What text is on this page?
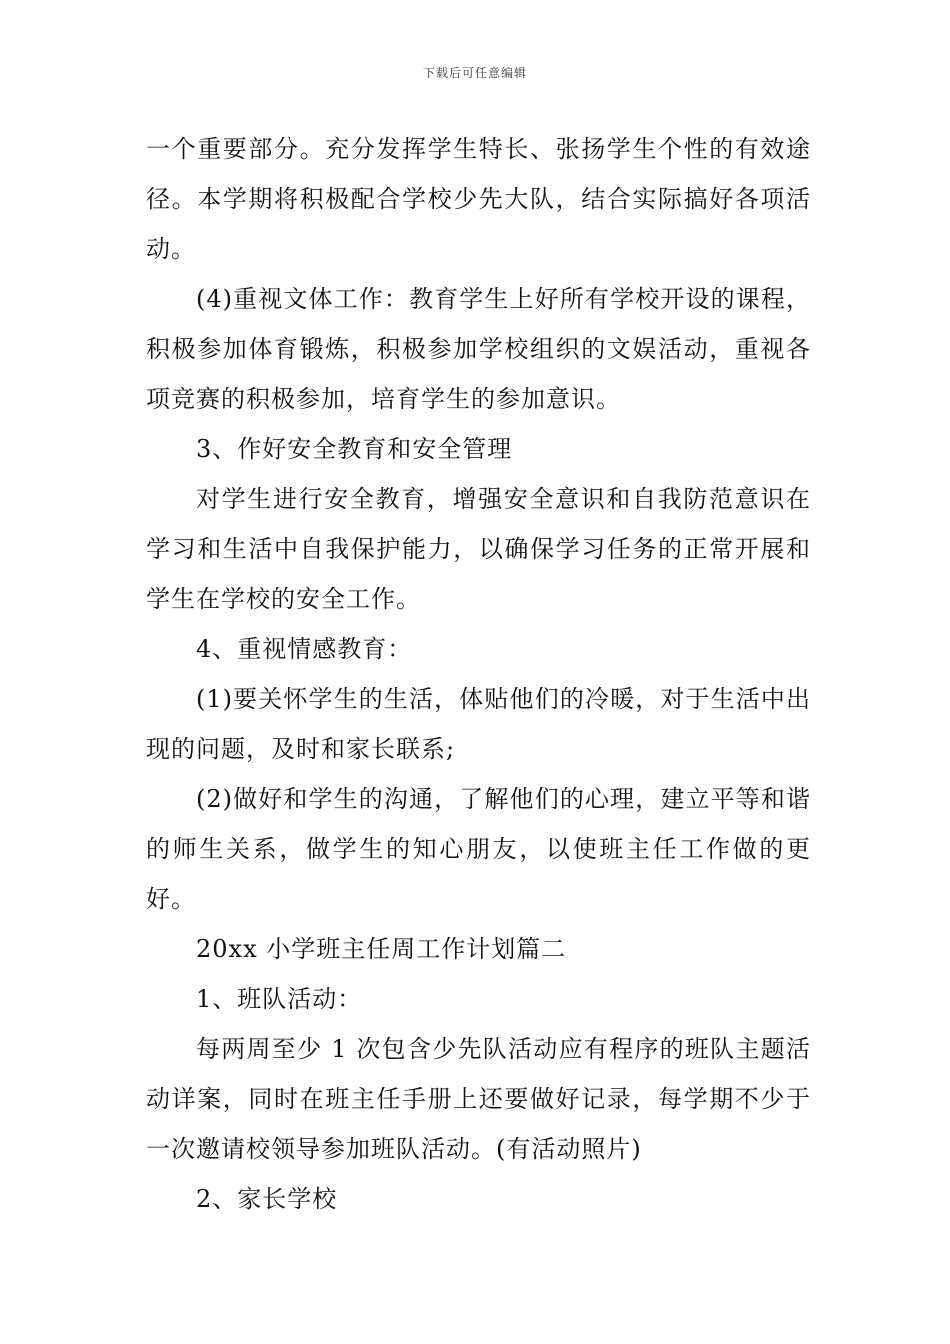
下载后可任意编辑

一个重要部分。充分发挥学生特长、张扬学生个性的有效途径。本学期将积极配合学校少先大队，结合实际搞好各项活动。

(4)重视文体工作：教育学生上好所有学校开设的课程，积极参加体育锻炼，积极参加学校组织的文娱活动，重视各项竞赛的积极参加，培育学生的参加意识。

3、作好安全教育和安全管理

对学生进行安全教育，增强安全意识和自我防范意识在学习和生活中自我保护能力，以确保学习任务的正常开展和学生在学校的安全工作。

4、重视情感教育：

(1)要关怀学生的生活，体贴他们的冷暖，对于生活中出现的问题，及时和家长联系;

(2)做好和学生的沟通，了解他们的心理，建立平等和谐的师生关系，做学生的知心朋友，以使班主任工作做的更好。

20xx 小学班主任周工作计划篇二

1、班队活动：

每两周至少 1 次包含少先队活动应有程序的班队主题活动详案，同时在班主任手册上还要做好记录，每学期不少于一次邀请校领导参加班队活动。(有活动照片)

2、家长学校
